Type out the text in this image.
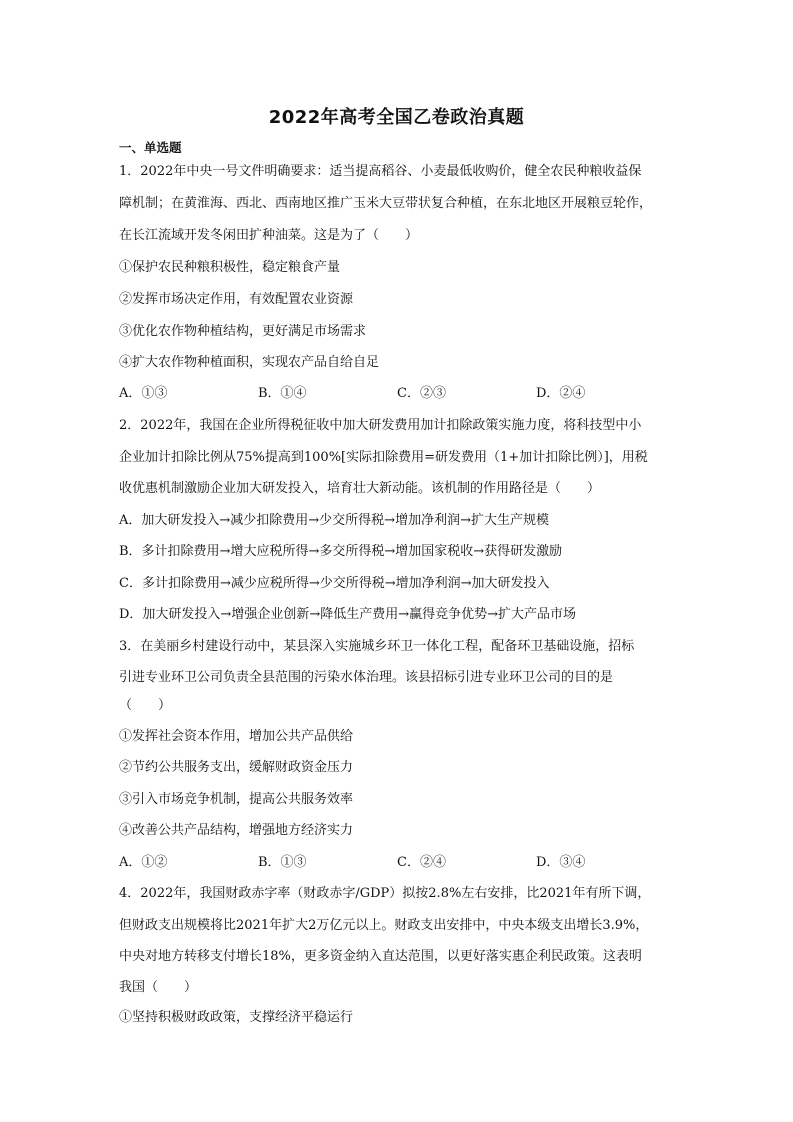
2022年高考全国乙卷政治真题
一、单选题
1．2022年中央一号文件明确要求：适当提高稻谷、小麦最低收购价，健全农民种粮收益保
障机制；在黄淮海、西北、西南地区推广玉米大豆带状复合种植，在东北地区开展粮豆轮作，
在长江流域开发冬闲田扩种油菜。这是为了（　　）
①保护农民种粮积极性，稳定粮食产量
②发挥市场决定作用，有效配置农业资源
③优化农作物种植结构，更好满足市场需求
④扩大农作物种植面积，实现农产品自给自足
A．①③	B．①④	C．②③	D．②④
2．2022年，我国在企业所得税征收中加大研发费用加计扣除政策实施力度，将科技型中小
企业加计扣除比例从75%提高到100%[实际扣除费用=研发费用（1+加计扣除比例）]，用税
收优惠机制激励企业加大研发投入，培育壮大新动能。该机制的作用路径是（　　）
A．加大研发投入→减少扣除费用→少交所得税→增加净利润→扩大生产规模
B．多计扣除费用→增大应税所得→多交所得税→增加国家税收→获得研发激励
C．多计扣除费用→减少应税所得→少交所得税→增加净利润→加大研发投入
D．加大研发投入→增强企业创新→降低生产费用→赢得竞争优势→扩大产品市场
3．在美丽乡村建设行动中，某县深入实施城乡环卫一体化工程，配备环卫基础设施，招标
引进专业环卫公司负责全县范围的污染水体治理。该县招标引进专业环卫公司的目的是
（　　）
①发挥社会资本作用，增加公共产品供给
②节约公共服务支出，缓解财政资金压力
③引入市场竞争机制，提高公共服务效率
④改善公共产品结构，增强地方经济实力
A．①②	B．①③	C．②④	D．③④
4．2022年，我国财政赤字率（财政赤字/GDP）拟按2.8%左右安排，比2021年有所下调，
但财政支出规模将比2021年扩大2万亿元以上。财政支出安排中，中央本级支出增长3.9%，
中央对地方转移支付增长18%，更多资金纳入直达范围，以更好落实惠企利民政策。这表明
我国（　　）
①坚持积极财政政策，支撑经济平稳运行
